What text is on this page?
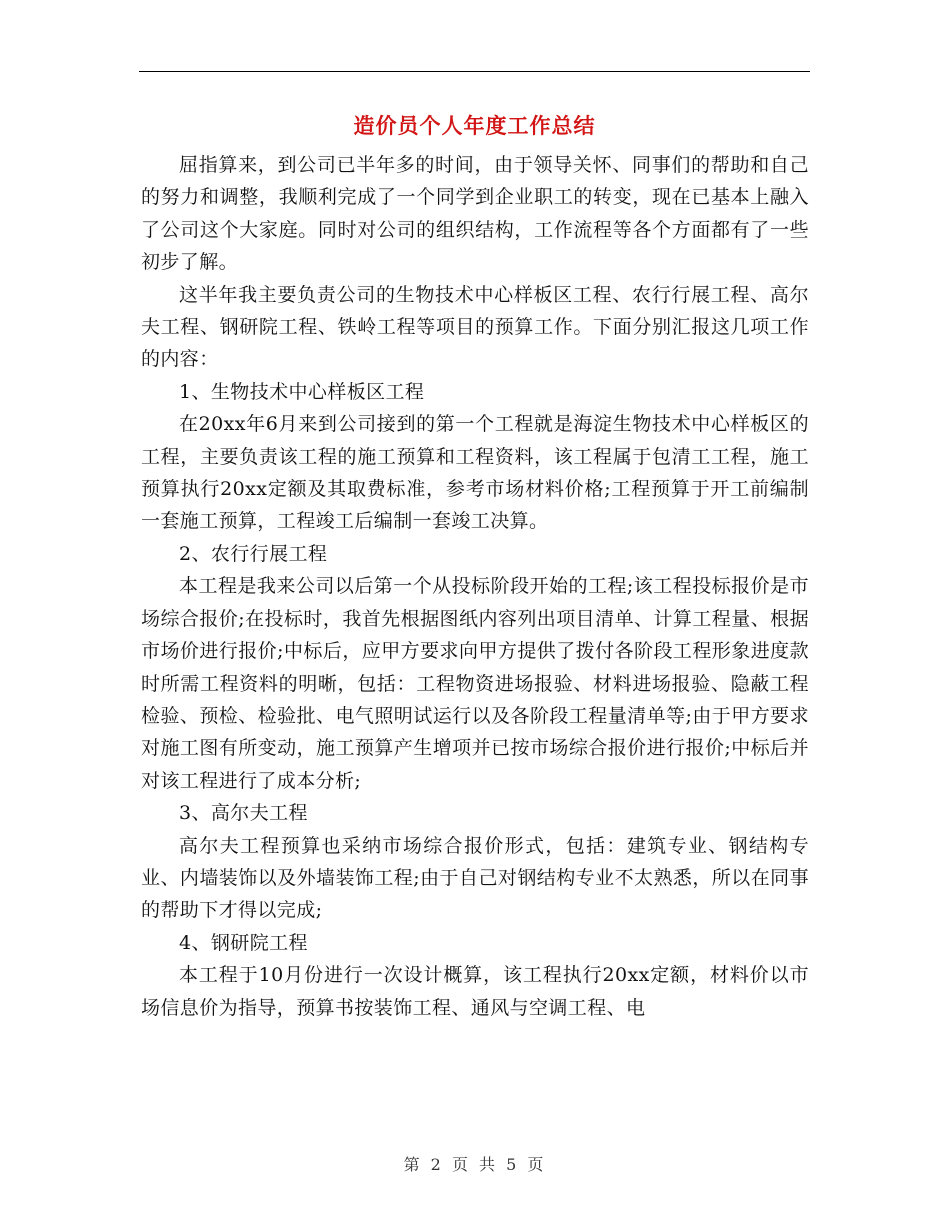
造价员个人年度工作总结

屈指算来，到公司已半年多的时间，由于领导关怀、同事们的帮助和自己的努力和调整，我顺利完成了一个同学到企业职工的转变，现在已基本上融入了公司这个大家庭。同时对公司的组织结构，工作流程等各个方面都有了一些初步了解。

这半年我主要负责公司的生物技术中心样板区工程、农行行展工程、高尔夫工程、钢研院工程、铁岭工程等项目的预算工作。下面分别汇报这几项工作的内容：

1、生物技术中心样板区工程

在20xx年6月来到公司接到的第一个工程就是海淀生物技术中心样板区的工程，主要负责该工程的施工预算和工程资料，该工程属于包清工工程，施工预算执行20xx定额及其取费标准，参考市场材料价格;工程预算于开工前编制一套施工预算，工程竣工后编制一套竣工决算。

2、农行行展工程

本工程是我来公司以后第一个从投标阶段开始的工程;该工程投标报价是市场综合报价;在投标时，我首先根据图纸内容列出项目清单、计算工程量、根据市场价进行报价;中标后，应甲方要求向甲方提供了拨付各阶段工程形象进度款时所需工程资料的明晰，包括：工程物资进场报验、材料进场报验、隐蔽工程检验、预检、检验批、电气照明试运行以及各阶段工程量清单等;由于甲方要求对施工图有所变动，施工预算产生增项并已按市场综合报价进行报价;中标后并对该工程进行了成本分析;

3、高尔夫工程

高尔夫工程预算也采纳市场综合报价形式，包括：建筑专业、钢结构专业、内墙装饰以及外墙装饰工程;由于自己对钢结构专业不太熟悉，所以在同事的帮助下才得以完成;

4、钢研院工程

本工程于10月份进行一次设计概算，该工程执行20xx定额，材料价以市场信息价为指导，预算书按装饰工程、通风与空调工程、电

第 2 页 共 5 页
